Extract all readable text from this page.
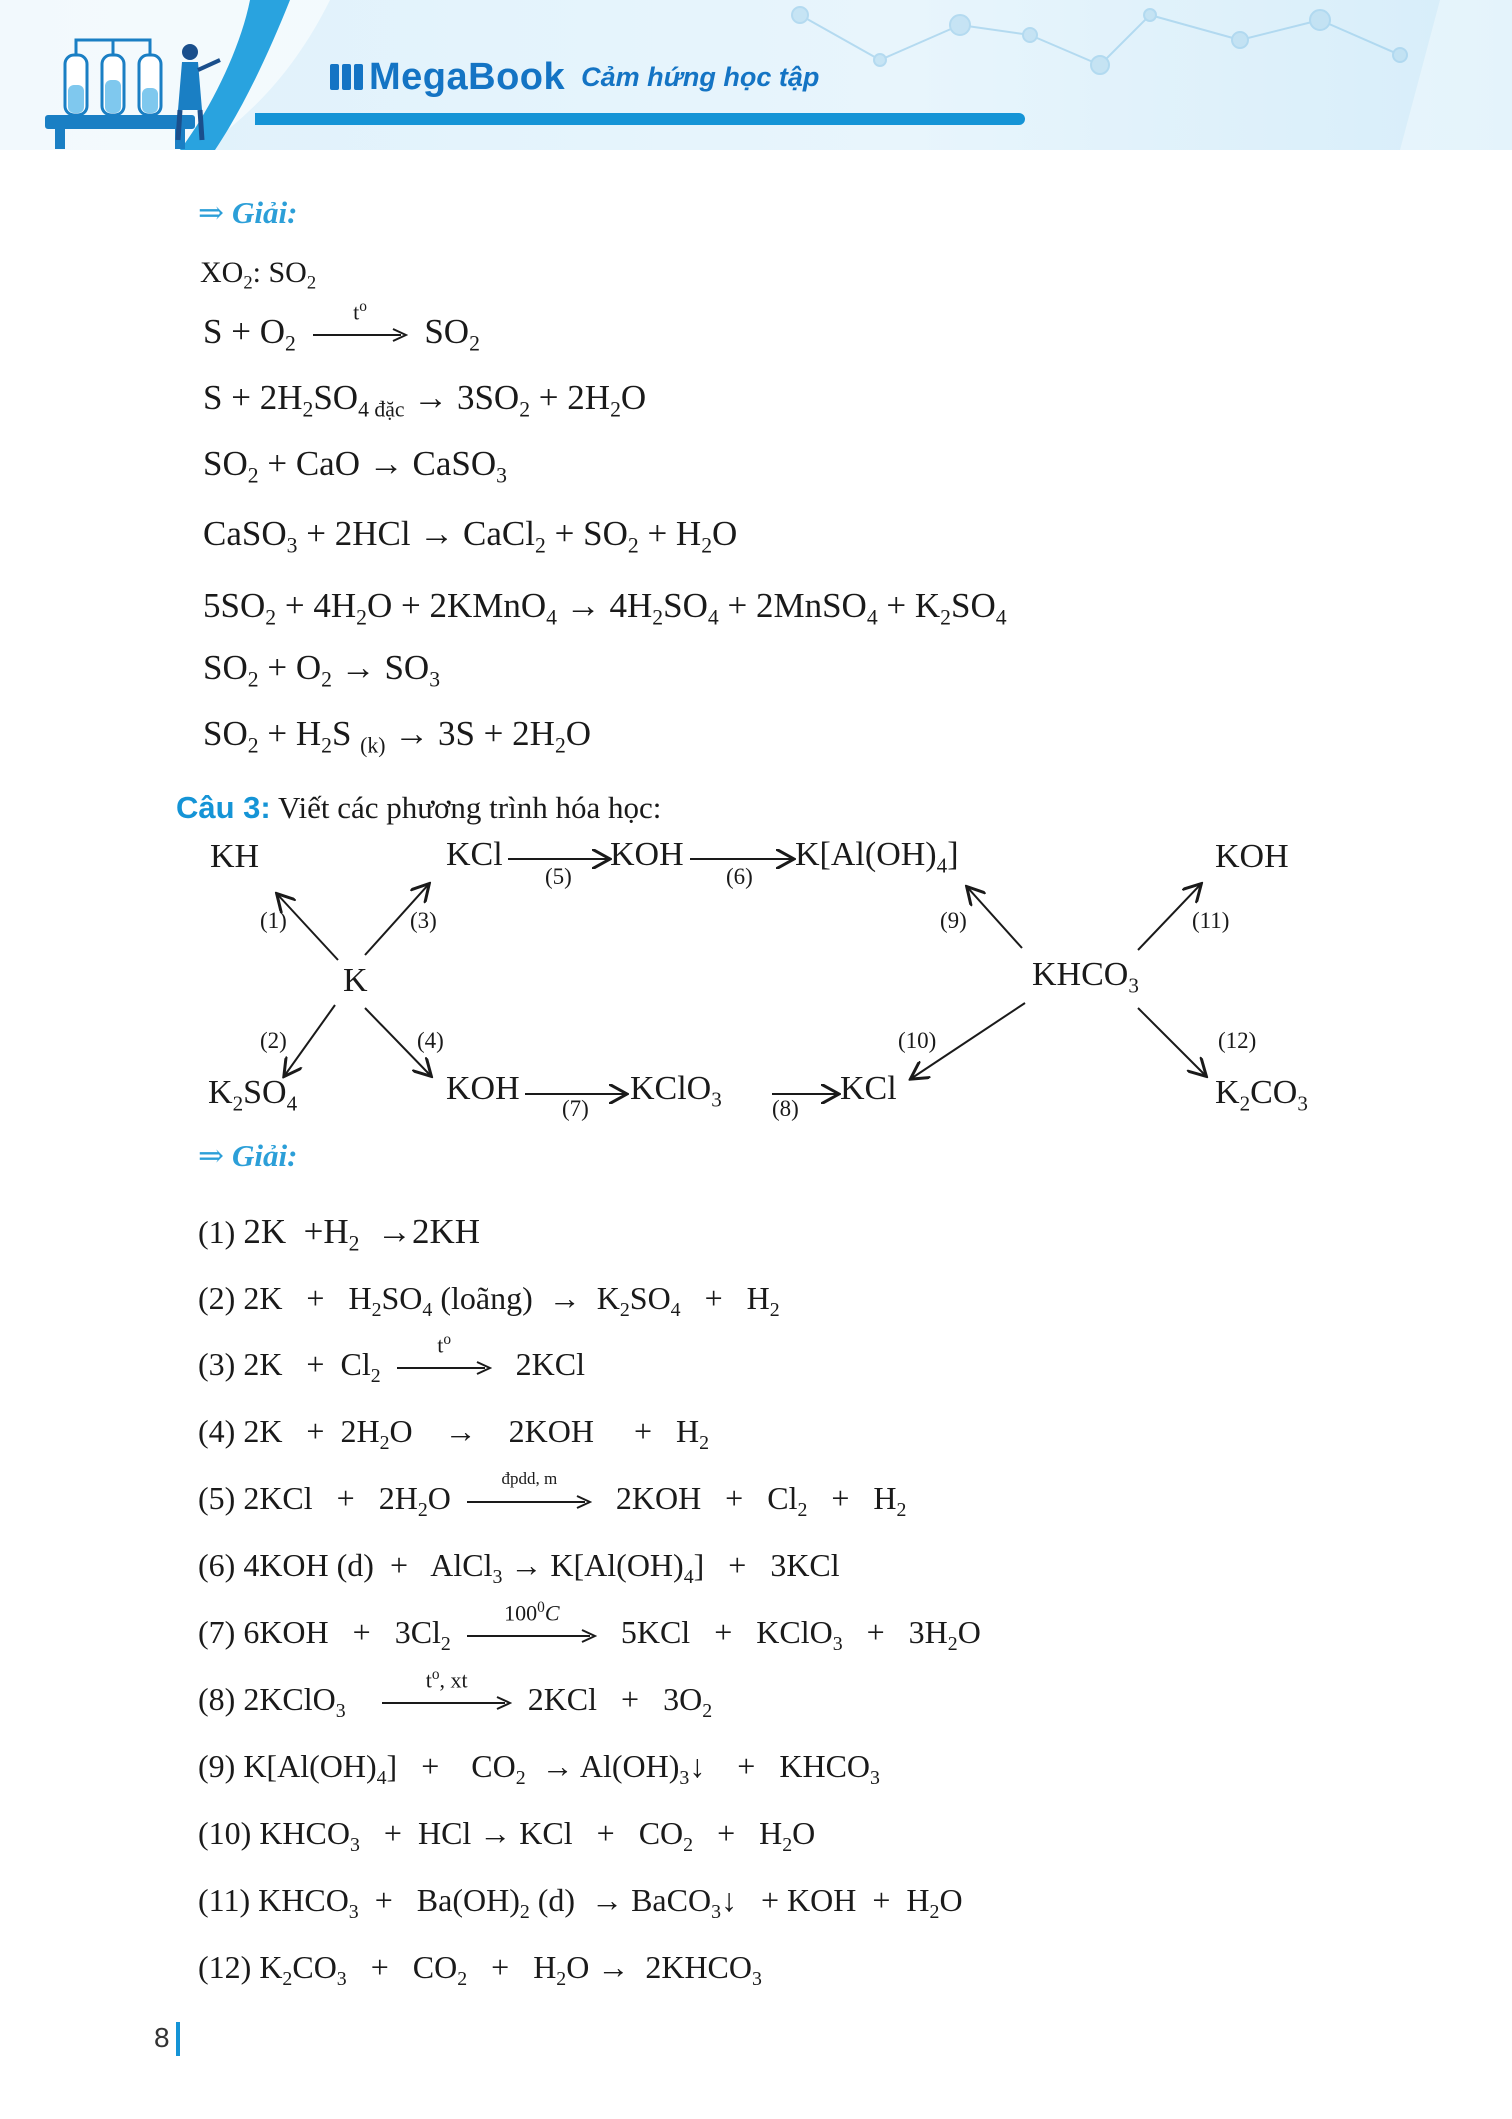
MegaBook Cảm hứng học tập
⇒ Giải:
$XO_2$: $SO_2$
$S + O_2$
$t^o$
$SO_2$
$S + 2H_2SO_{4 đặc} \to 3SO_2 + 2H_2O$
$SO_2$ + CaO → CaSO$_3$
CaSO$_3$ + 2HCl → CaCl$_2$ + $SO_2 + H_2O$
$5SO_2 + 4H_2O$ + 2KMnO$_4$ → $4H_2SO_4$ + 2MnSO$_4$ + $K_2SO_4$
$SO_2 + O_2 \to SO_3$
$SO_2 + H_2S$ $_{(k)} \to 3S + 2H_2O$
Câu 3: Viết các phương trình hóa học:
KH
K
$K_2SO_4$
KCl	KOH	$K[Al(OH)_4]$
KOH	KClO$_3$	KCl
$KHCO_3$
KOH
$K_2CO_3$
(1)
(2)
(3)
(4)
(5)	(6)
(7)	(8)
(9)
(10)
(11)
(12)
⇒ Giải:
(1) $2K +H_2 \to 2KH$
(2) $2K + H_2SO_4$ (loãng)  →  $K_2SO_4 + H_2$
(3) $2K + Cl_2$
$t^o$
2KCl
(4) $2K + 2H_2O$    →    2KOH     +   $H_2$
(5) $2KCl + 2H_2O$
đpdd, m
$2KOH + Cl_2 + H_2$
(6) 4KOH (d)  +   AlCl$_3$ → $K[Al(OH)_4] + 3KCl$
(7) $6KOH + 3Cl_2$
$100^0C$
5KCl   +   KClO$_3$   +   $3H_2O$
(8) 2KClO$_3$
$t^o$, xt
$2KCl + 3O_2$
(9) $K[Al(OH)_4]$   +    $CO_2$  → $Al(OH)_3↓$    +   $KHCO_3$
(10) $KHCO_3$   +  HCl → KCl   +   $CO_2 + H_2O$
(11) $KHCO_3 + Ba(OH)_2$ (d)  → BaCO$_3$↓   + KOH  +  $H_2O$
(12) $K_2CO_3 + CO_2 + H_2O$ →  $2KHCO_3$
8
